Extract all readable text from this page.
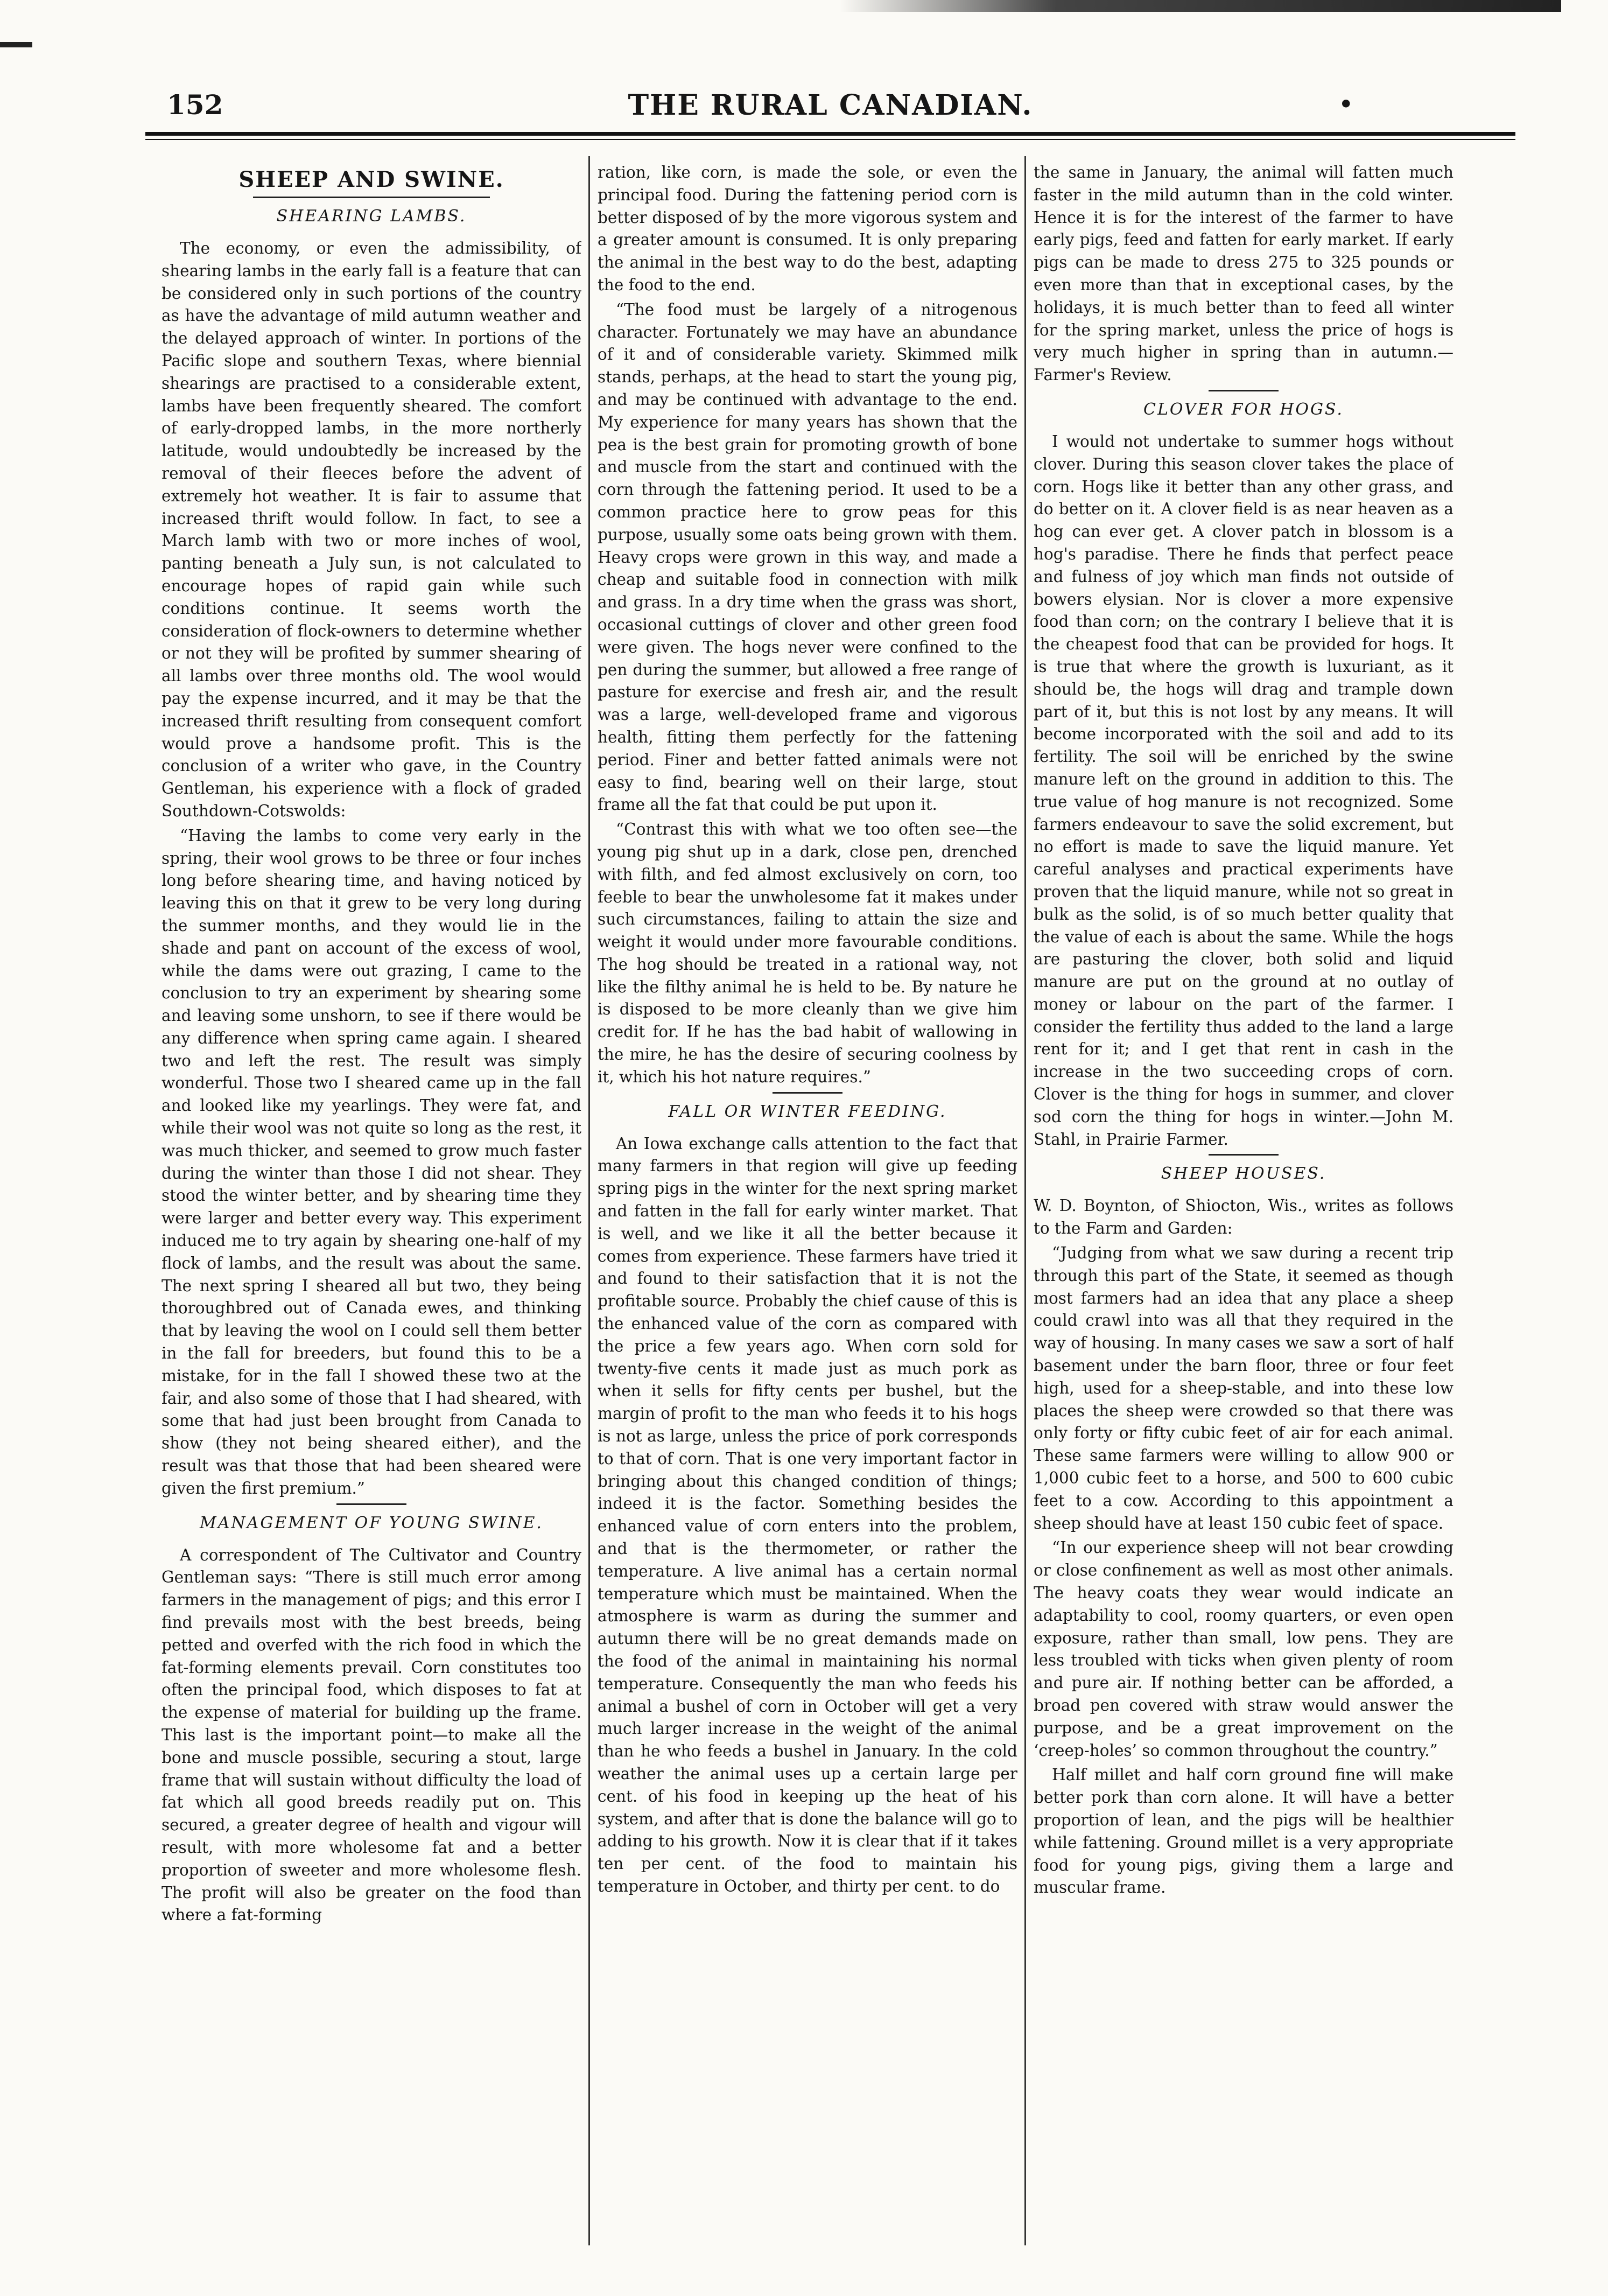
152	THE RURAL CANADIAN.	•
SHEEP AND SWINE.
SHEARING LAMBS.

The economy, or even the admissibility, of shearing lambs in the early fall is a feature that can be considered only in such portions of the country as have the advantage of mild autumn weather and the delayed approach of winter. In portions of the Pacific slope and southern Texas, where biennial shearings are practised to a considerable extent, lambs have been frequently sheared. The comfort of early-dropped lambs, in the more northerly latitude, would undoubtedly be increased by the removal of their fleeces before the advent of extremely hot weather. It is fair to assume that increased thrift would follow. In fact, to see a March lamb with two or more inches of wool, panting beneath a July sun, is not calculated to encourage hopes of rapid gain while such conditions continue. It seems worth the consideration of flock-owners to determine whether or not they will be profited by summer shearing of all lambs over three months old. The wool would pay the expense incurred, and it may be that the increased thrift resulting from consequent comfort would prove a handsome profit. This is the conclusion of a writer who gave, in the Country Gentleman, his experience with a flock of graded Southdown-Cotswolds:

“Having the lambs to come very early in the spring, their wool grows to be three or four inches long before shearing time, and having noticed by leaving this on that it grew to be very long during the summer months, and they would lie in the shade and pant on account of the excess of wool, while the dams were out grazing, I came to the conclusion to try an experiment by shearing some and leaving some unshorn, to see if there would be any difference when spring came again. I sheared two and left the rest. The result was simply wonderful. Those two I sheared came up in the fall and looked like my yearlings. They were fat, and while their wool was not quite so long as the rest, it was much thicker, and seemed to grow much faster during the winter than those I did not shear. They stood the winter better, and by shearing time they were larger and better every way. This experiment induced me to try again by shearing one-half of my flock of lambs, and the result was about the same. The next spring I sheared all but two, they being thoroughbred out of Canada ewes, and thinking that by leaving the wool on I could sell them better in the fall for breeders, but found this to be a mistake, for in the fall I showed these two at the fair, and also some of those that I had sheared, with some that had just been brought from Canada to show (they not being sheared either), and the result was that those that had been sheared were given the first premium.”

MANAGEMENT OF YOUNG SWINE.

A correspondent of The Cultivator and Country Gentleman says: “There is still much error among farmers in the management of pigs; and this error I find prevails most with the best breeds, being petted and overfed with the rich food in which the fat-forming elements prevail. Corn constitutes too often the principal food, which disposes to fat at the expense of material for building up the frame. This last is the important point—to make all the bone and muscle possible, securing a stout, large frame that will sustain without difficulty the load of fat which all good breeds readily put on. This secured, a greater degree of health and vigour will result, with more wholesome fat and a better proportion of sweeter and more wholesome flesh. The profit will also be greater on the food than where a fat-forming

ration, like corn, is made the sole, or even the principal food. During the fattening period corn is better disposed of by the more vigorous system and a greater amount is consumed. It is only preparing the animal in the best way to do the best, adapting the food to the end.

“The food must be largely of a nitrogenous character. Fortunately we may have an abundance of it and of considerable variety. Skimmed milk stands, perhaps, at the head to start the young pig, and may be continued with advantage to the end. My experience for many years has shown that the pea is the best grain for promoting growth of bone and muscle from the start and continued with the corn through the fattening period. It used to be a common practice here to grow peas for this purpose, usually some oats being grown with them. Heavy crops were grown in this way, and made a cheap and suitable food in connection with milk and grass. In a dry time when the grass was short, occasional cuttings of clover and other green food were given. The hogs never were confined to the pen during the summer, but allowed a free range of pasture for exercise and fresh air, and the result was a large, well-developed frame and vigorous health, fitting them perfectly for the fattening period. Finer and better fatted animals were not easy to find, bearing well on their large, stout frame all the fat that could be put upon it.

“Contrast this with what we too often see—the young pig shut up in a dark, close pen, drenched with filth, and fed almost exclusively on corn, too feeble to bear the unwholesome fat it makes under such circumstances, failing to attain the size and weight it would under more favourable conditions. The hog should be treated in a rational way, not like the filthy animal he is held to be. By nature he is disposed to be more cleanly than we give him credit for. If he has the bad habit of wallowing in the mire, he has the desire of securing coolness by it, which his hot nature requires.”

FALL OR WINTER FEEDING.

An Iowa exchange calls attention to the fact that many farmers in that region will give up feeding spring pigs in the winter for the next spring market and fatten in the fall for early winter market. That is well, and we like it all the better because it comes from experience. These farmers have tried it and found to their satisfaction that it is not the profitable source. Probably the chief cause of this is the enhanced value of the corn as compared with the price a few years ago. When corn sold for twenty-five cents it made just as much pork as when it sells for fifty cents per bushel, but the margin of profit to the man who feeds it to his hogs is not as large, unless the price of pork corresponds to that of corn. That is one very important factor in bringing about this changed condition of things; indeed it is the factor. Something besides the enhanced value of corn enters into the problem, and that is the thermometer, or rather the temperature. A live animal has a certain normal temperature which must be maintained. When the atmosphere is warm as during the summer and autumn there will be no great demands made on the food of the animal in maintaining his normal temperature. Consequently the man who feeds his animal a bushel of corn in October will get a very much larger increase in the weight of the animal than he who feeds a bushel in January. In the cold weather the animal uses up a certain large per cent. of his food in keeping up the heat of his system, and after that is done the balance will go to adding to his growth. Now it is clear that if it takes ten per cent. of the food to maintain his temperature in October, and thirty per cent. to do

the same in January, the animal will fatten much faster in the mild autumn than in the cold winter. Hence it is for the interest of the farmer to have early pigs, feed and fatten for early market. If early pigs can be made to dress 275 to 325 pounds or even more than that in exceptional cases, by the holidays, it is much better than to feed all winter for the spring market, unless the price of hogs is very much higher in spring than in autumn.—Farmer's Review.

CLOVER FOR HOGS.

I would not undertake to summer hogs without clover. During this season clover takes the place of corn. Hogs like it better than any other grass, and do better on it. A clover field is as near heaven as a hog can ever get. A clover patch in blossom is a hog's paradise. There he finds that perfect peace and fulness of joy which man finds not outside of bowers elysian. Nor is clover a more expensive food than corn; on the contrary I believe that it is the cheapest food that can be provided for hogs. It is true that where the growth is luxuriant, as it should be, the hogs will drag and trample down part of it, but this is not lost by any means. It will become incorporated with the soil and add to its fertility. The soil will be enriched by the swine manure left on the ground in addition to this. The true value of hog manure is not recognized. Some farmers endeavour to save the solid excrement, but no effort is made to save the liquid manure. Yet careful analyses and practical experiments have proven that the liquid manure, while not so great in bulk as the solid, is of so much better quality that the value of each is about the same. While the hogs are pasturing the clover, both solid and liquid manure are put on the ground at no outlay of money or labour on the part of the farmer. I consider the fertility thus added to the land a large rent for it; and I get that rent in cash in the increase in the two succeeding crops of corn. Clover is the thing for hogs in summer, and clover sod corn the thing for hogs in winter.—John M. Stahl, in Prairie Farmer.

SHEEP HOUSES.

W. D. Boynton, of Shiocton, Wis., writes as follows to the Farm and Garden:

“Judging from what we saw during a recent trip through this part of the State, it seemed as though most farmers had an idea that any place a sheep could crawl into was all that they required in the way of housing. In many cases we saw a sort of half basement under the barn floor, three or four feet high, used for a sheep-stable, and into these low places the sheep were crowded so that there was only forty or fifty cubic feet of air for each animal. These same farmers were willing to allow 900 or 1,000 cubic feet to a horse, and 500 to 600 cubic feet to a cow. According to this appointment a sheep should have at least 150 cubic feet of space.

“In our experience sheep will not bear crowding or close confinement as well as most other animals. The heavy coats they wear would indicate an adaptability to cool, roomy quarters, or even open exposure, rather than small, low pens. They are less troubled with ticks when given plenty of room and pure air. If nothing better can be afforded, a broad pen covered with straw would answer the purpose, and be a great improvement on the ‘creep-holes’ so common throughout the country.”

Half millet and half corn ground fine will make better pork than corn alone. It will have a better proportion of lean, and the pigs will be healthier while fattening. Ground millet is a very appropriate food for young pigs, giving them a large and muscular frame.
